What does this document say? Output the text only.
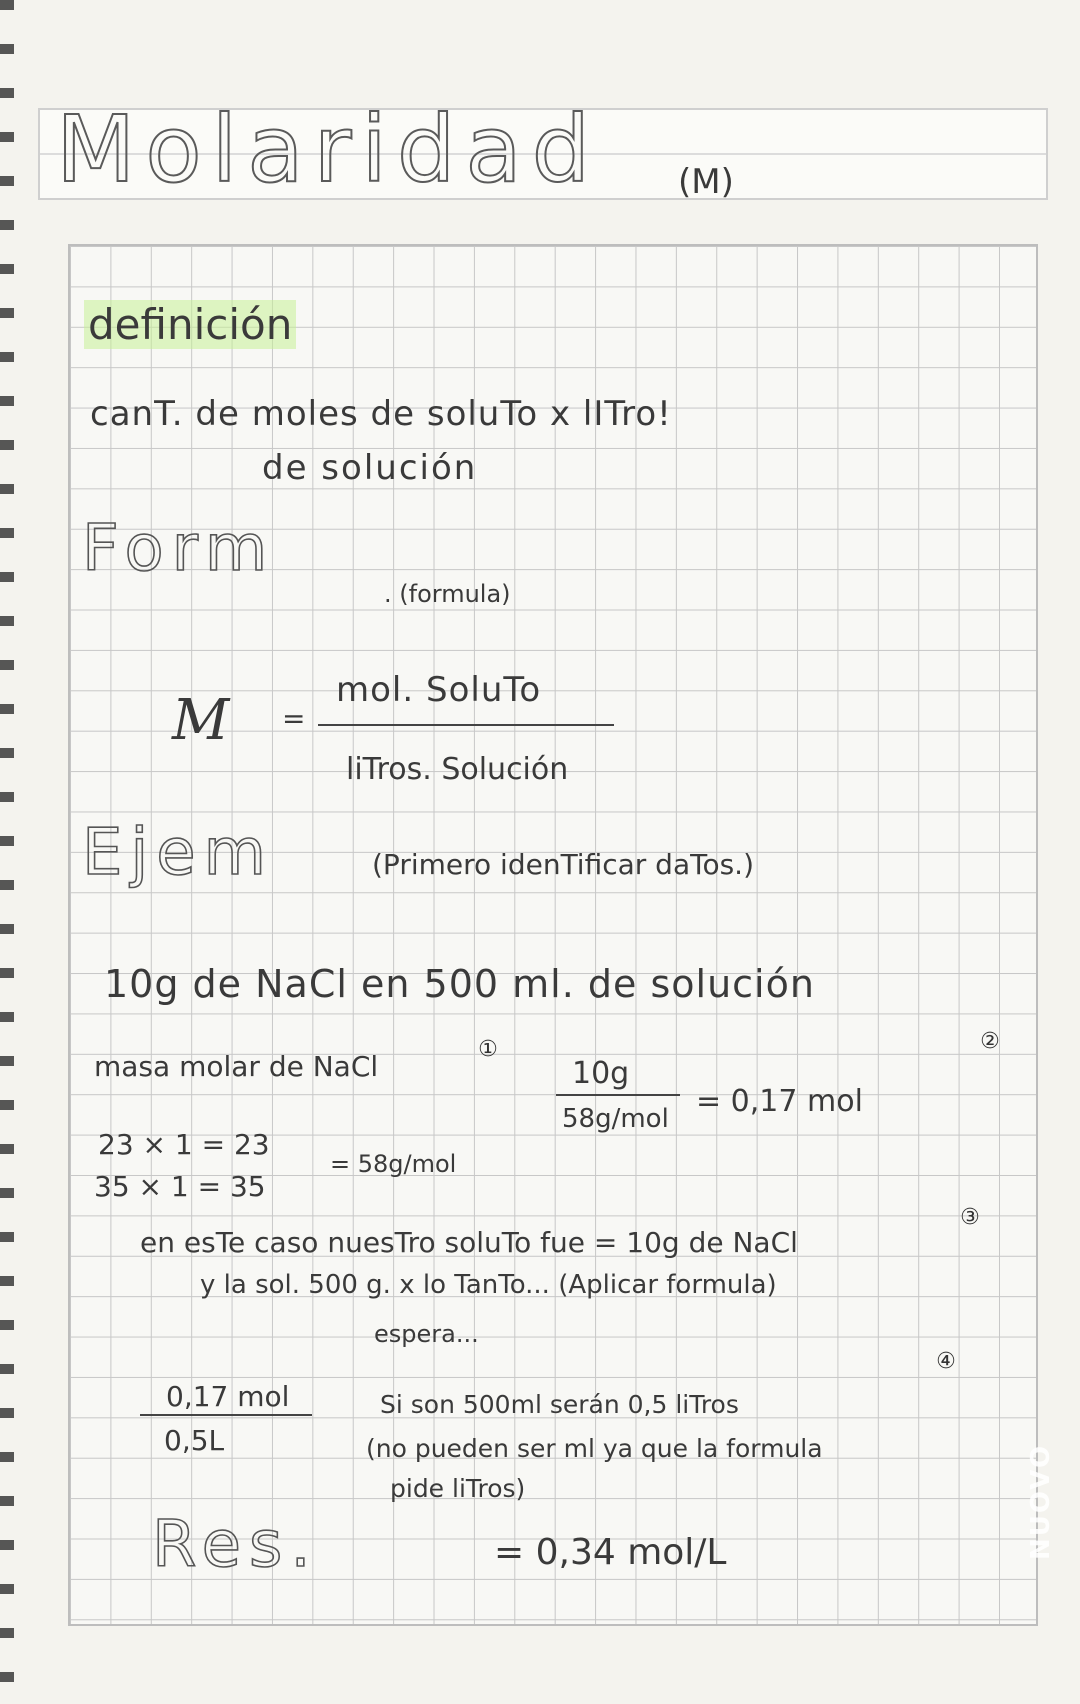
Molaridad (M)
definición
canT. de moles de soluTo x lITro!
de solución
Form
. (formula)
M =
mol. SoluTo
liTros. Solución
Ejem	(Primero idenTificar daTos.)
10g de NaCl en 500 ml. de solución
masa molar de NaCl
①	②
10g
58g/mol = 0,17 mol
23 × 1 = 23
35 × 1 = 35
= 58g/mol
③
en esTe caso nuesTro soluTo fue = 10g de NaCl
y la sol. 500 g. x lo TanTo... (Aplicar formula)
espera...
④
0,17 mol
0,5L
Si son 500ml serán 0,5 liTros
(no pueden ser ml ya que la formula
pide liTros)
Res.	= 0,34 mol/L	NUOVO
